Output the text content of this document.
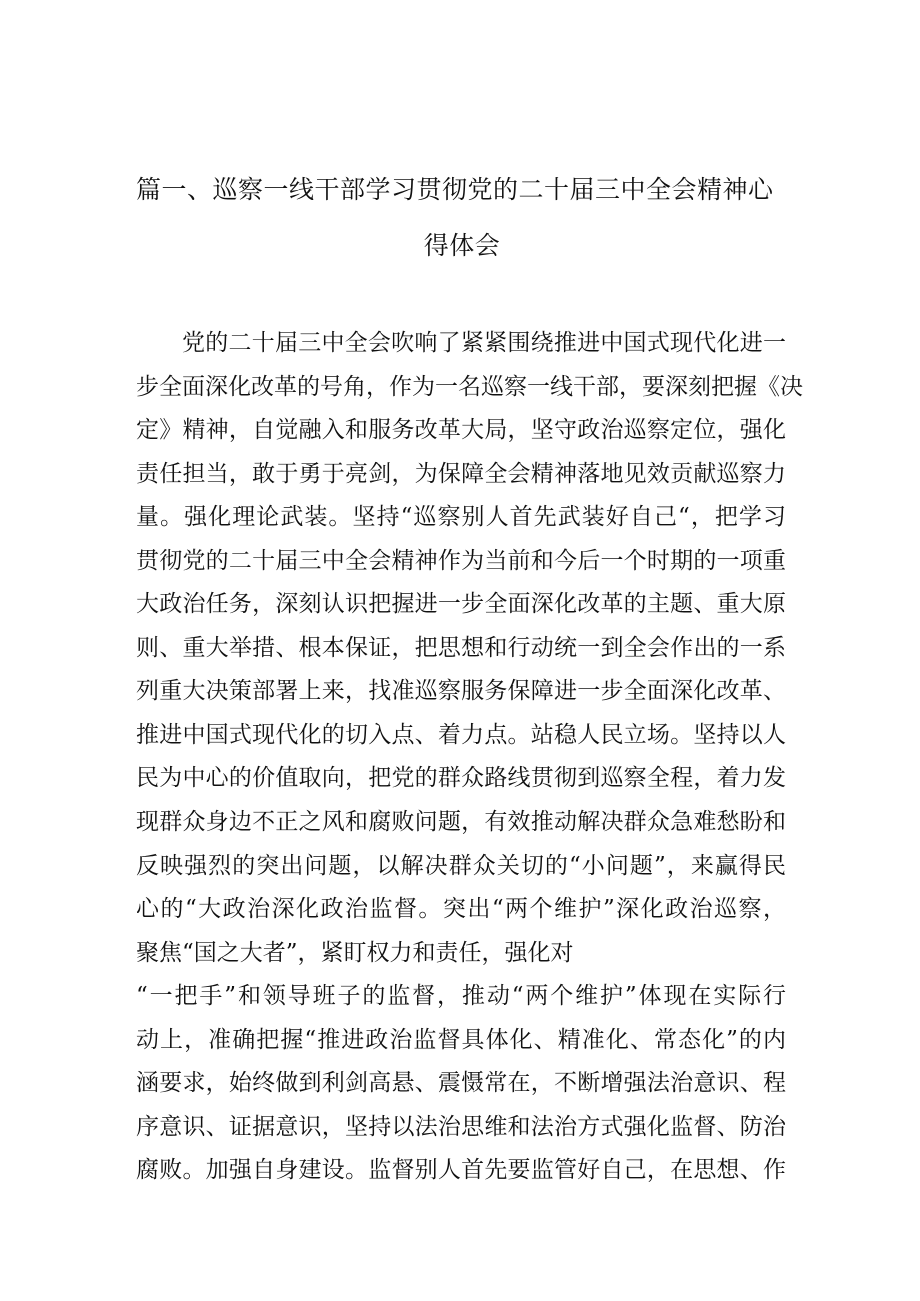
篇一、巡察一线干部学习贯彻党的二十届三中全会精神心
得体会
党的二十届三中全会吹响了紧紧围绕推进中国式现代化进一
步全面深化改革的号角，作为一名巡察一线干部，要深刻把握《决
定》精神，自觉融入和服务改革大局，坚守政治巡察定位，强化
责任担当，敢于勇于亮剑，为保障全会精神落地见效贡献巡察力
量。强化理论武装。坚持“巡察别人首先武装好自己“，把学习
贯彻党的二十届三中全会精神作为当前和今后一个时期的一项重
大政治任务，深刻认识把握进一步全面深化改革的主题、重大原
则、重大举措、根本保证，把思想和行动统一到全会作出的一系
列重大决策部署上来，找准巡察服务保障进一步全面深化改革、
推进中国式现代化的切入点、着力点。站稳人民立场。坚持以人
民为中心的价值取向，把党的群众路线贯彻到巡察全程，着力发
现群众身边不正之风和腐败问题，有效推动解决群众急难愁盼和
反映强烈的突出问题，以解决群众关切的“小问题”，来赢得民
心的“大政治深化政治监督。突出“两个维护”深化政治巡察，
聚焦“国之大者”，紧盯权力和责任，强化对
“一把手”和领导班子的监督，推动“两个维护”体现在实际行
动上，准确把握“推进政治监督具体化、精准化、常态化”的内
涵要求，始终做到利剑高悬、震慑常在，不断增强法治意识、程
序意识、证据意识，坚持以法治思维和法治方式强化监督、防治
腐败。加强自身建设。监督别人首先要监管好自己，在思想、作
